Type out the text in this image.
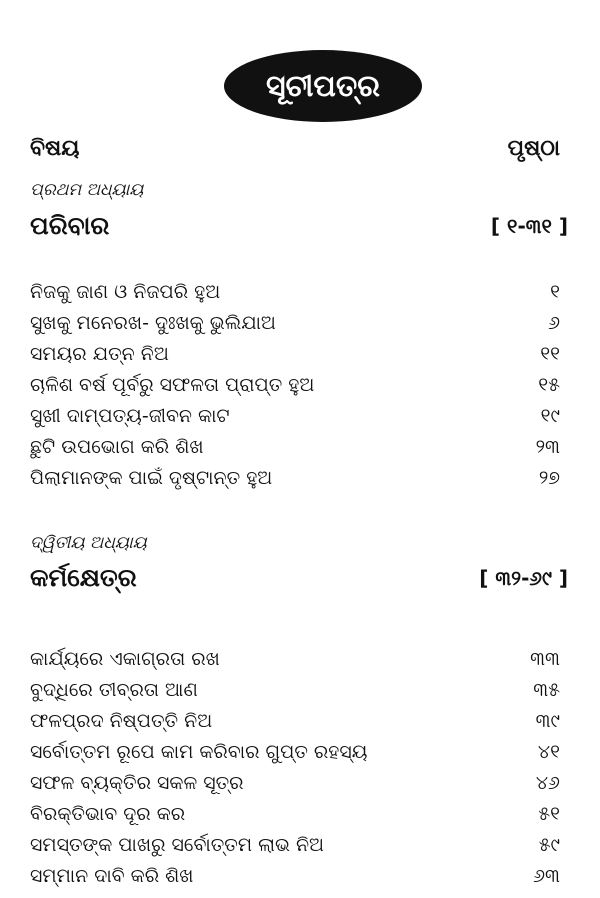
ସୂଚୀପତ୍ର
ବିଷୟ	ପୃଷ୍ଠା
ପ୍ରଥମ ଅଧ୍ୟାୟ
ପରିବାର	[ ୧-୩୧ ]
ନିଜକୁ ଜାଣ ଓ ନିଜପରି ହୁଅ	୧
ସୁଖକୁ ମନେରଖ- ଦୁଃଖକୁ ଭୁଲିଯାଅ	୬
ସମୟର ଯତ୍ନ ନିଅ	୧୧
ଚାଳିଶ ବର୍ଷ ପୂର୍ବରୁ ସଫଳତା ପ୍ରାପ୍ତ ହୁଅ	୧୫
ସୁଖୀ ଦାମ୍ପତ୍ୟ-ଜୀବନ କାଟ	୧୯
ଛୁଟି ଉପଭୋଗ କରି ଶିଖ	୨୩
ପିଲାମାନଙ୍କ ପାଇଁ ଦୃଷ୍ଟାନ୍ତ ହୁଅ	୨୭
ଦ୍ୱିତୀୟ ଅଧ୍ୟାୟ
କର୍ମକ୍ଷେତ୍ର	[ ୩୨-୬୯ ]
କାର୍ଯ୍ୟରେ ଏକାଗ୍ରତା ରଖ	୩୩
ବୁଦ୍ଧିରେ ତୀବ୍ରତା ଆଣ	୩୫
ଫଳପ୍ରଦ ନିଷ୍ପତ୍ତି ନିଅ	୩୯
ସର୍ବୋତ୍ତମ ରୂପେ କାମ କରିବାର ଗୁପ୍ତ ରହସ୍ୟ	୪୧
ସଫଳ ବ୍ୟକ୍ତିର ସକଳ ସୂତ୍ର	୪୬
ବିରକ୍ତିଭାବ ଦୂର କର	୫୧
ସମସ୍ତଙ୍କ ପାଖରୁ ସର୍ବୋତ୍ତମ ଲାଭ ନିଅ	୫୯
ସମ୍ମାନ ଦାବି କରି ଶିଖ	୬୩
